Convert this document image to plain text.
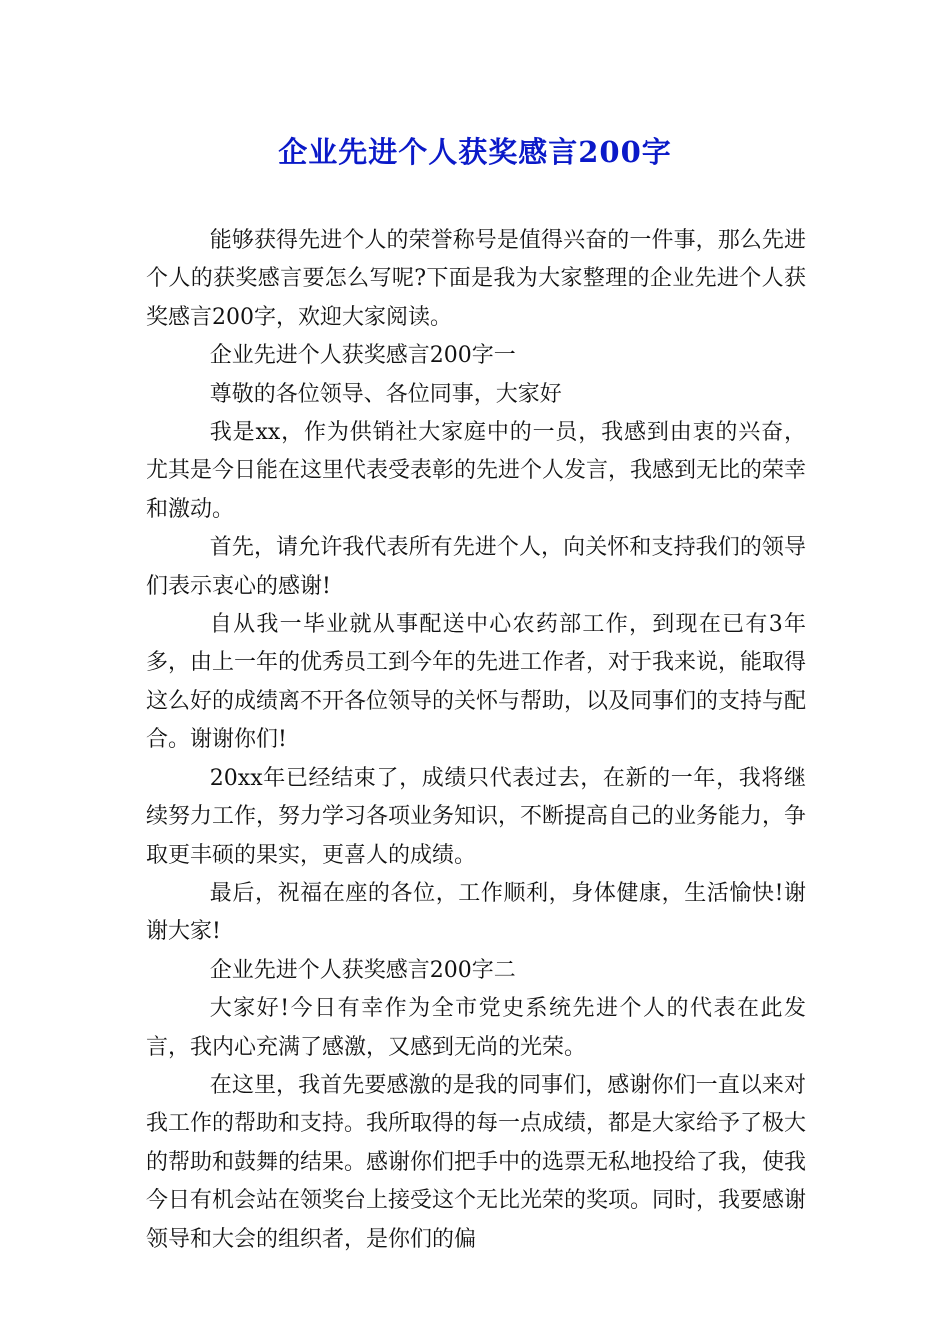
企业先进个人获奖感言200字

能够获得先进个人的荣誉称号是值得兴奋的一件事，那么先进个人的获奖感言要怎么写呢?下面是我为大家整理的企业先进个人获奖感言200字，欢迎大家阅读。

企业先进个人获奖感言200字一

尊敬的各位领导、各位同事，大家好

我是xx，作为供销社大家庭中的一员，我感到由衷的兴奋，尤其是今日能在这里代表受表彰的先进个人发言，我感到无比的荣幸和激动。

首先，请允许我代表所有先进个人，向关怀和支持我们的领导们表示衷心的感谢!

自从我一毕业就从事配送中心农药部工作，到现在已有3年多，由上一年的优秀员工到今年的先进工作者，对于我来说，能取得这么好的成绩离不开各位领导的关怀与帮助，以及同事们的支持与配合。谢谢你们!

20xx年已经结束了，成绩只代表过去，在新的一年，我将继续努力工作，努力学习各项业务知识，不断提高自己的业务能力，争取更丰硕的果实，更喜人的成绩。

最后，祝福在座的各位，工作顺利，身体健康，生活愉快!谢谢大家!

企业先进个人获奖感言200字二

大家好!今日有幸作为全市党史系统先进个人的代表在此发言，我内心充满了感激，又感到无尚的光荣。

在这里，我首先要感激的是我的同事们，感谢你们一直以来对我工作的帮助和支持。我所取得的每一点成绩，都是大家给予了极大的帮助和鼓舞的结果。感谢你们把手中的选票无私地投给了我，使我今日有机会站在领奖台上接受这个无比光荣的奖项。同时，我要感谢领导和大会的组织者，是你们的偏
